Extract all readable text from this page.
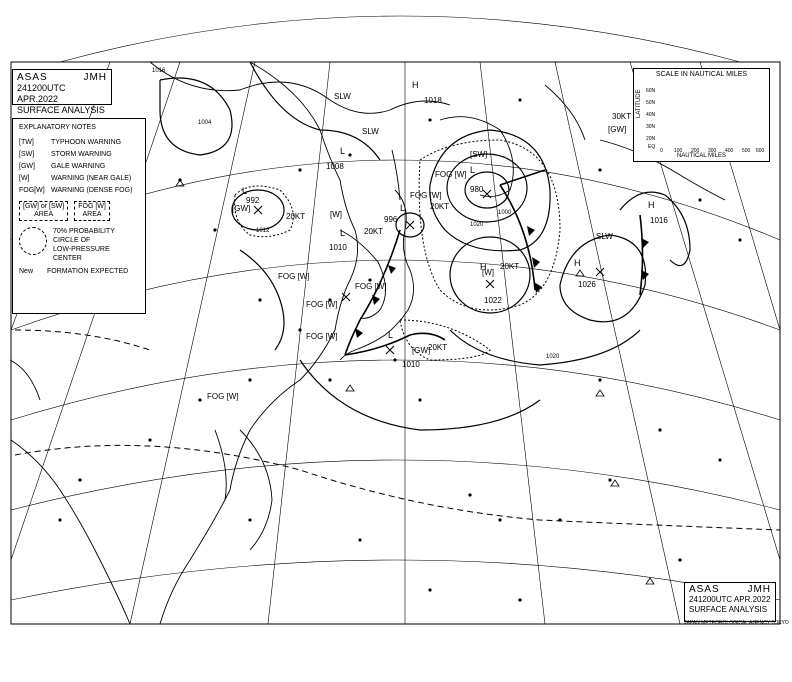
ASAS	JMH
241200UTC APR.2022
SURFACE ANALYSIS
EXPLANATORY NOTES
[TW]	TYPHOON WARNING
[SW]	STORM WARNING
[GW]	GALE WARNING
[W]	WARNING (NEAR GALE)
FOG[W] WARNING (DENSE FOG)
[GW] or [SW]
AREA
FOG [W]
AREA
70% PROBABILITY
CIRCLE OF
LOW-PRESSURE CENTER
New FORMATION EXPECTED
SCALE IN NAUTICAL MILES
NAUTICAL MILES
LATITUDE 60N
50N
40N
30N
20N
EQ
0 100 200 300 400 500 600
ASAS	JMH
241200UTC APR.2022
SURFACE ANALYSIS
JAPAN METEOROLOGICAL AGENCY TOKYO
L
980
L
996
L
992
L
1008
L
1010
L
1010
H
1022
H
1026
H
1016
H
1018
[SW]
20KT
[GW]
20KT
20KT
[GW]
20KT
[W]
[W]
20KT
[GW]
30KT
FOG [W]
FOG [W]
FOG [W]
FOG [W]
FOG [W]
FOG [W]
FOG [W]
1020
1020
1012
1000
1004
1016
SLW
SLW
SLW
